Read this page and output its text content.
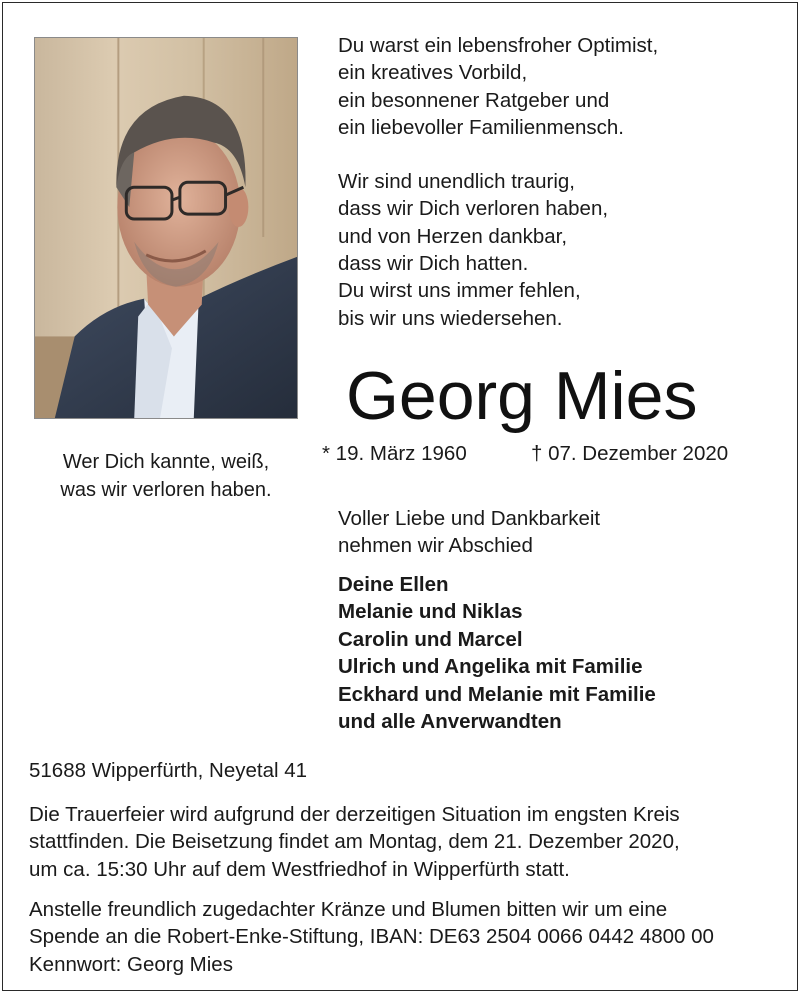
Du warst ein lebensfroher Optimist,
ein kreatives Vorbild,
ein besonnener Ratgeber und
ein liebevoller Familienmensch.

Wir sind unendlich traurig,
dass wir Dich verloren haben,
und von Herzen dankbar,
dass wir Dich hatten.
Du wirst uns immer fehlen,
bis wir uns wiedersehen.

Georg Mies
Wer Dich kannte, weiß,
was wir verloren haben.
* 19. März 1960	† 07. Dezember 2020
Voller Liebe und Dankbarkeit
nehmen wir Abschied
Deine Ellen
Melanie und Niklas
Carolin und Marcel
Ulrich und Angelika mit Familie
Eckhard und Melanie mit Familie
und alle Anverwandten
51688 Wipperfürth, Neyetal 41
Die Trauerfeier wird aufgrund der derzeitigen Situation im engsten Kreis
stattfinden. Die Beisetzung findet am Montag, dem 21. Dezember 2020,
um ca. 15:30 Uhr auf dem Westfriedhof in Wipperfürth statt.
Anstelle freundlich zugedachter Kränze und Blumen bitten wir um eine
Spende an die Robert-Enke-Stiftung, IBAN: DE63 2504 0066 0442 4800 00
Kennwort: Georg Mies
